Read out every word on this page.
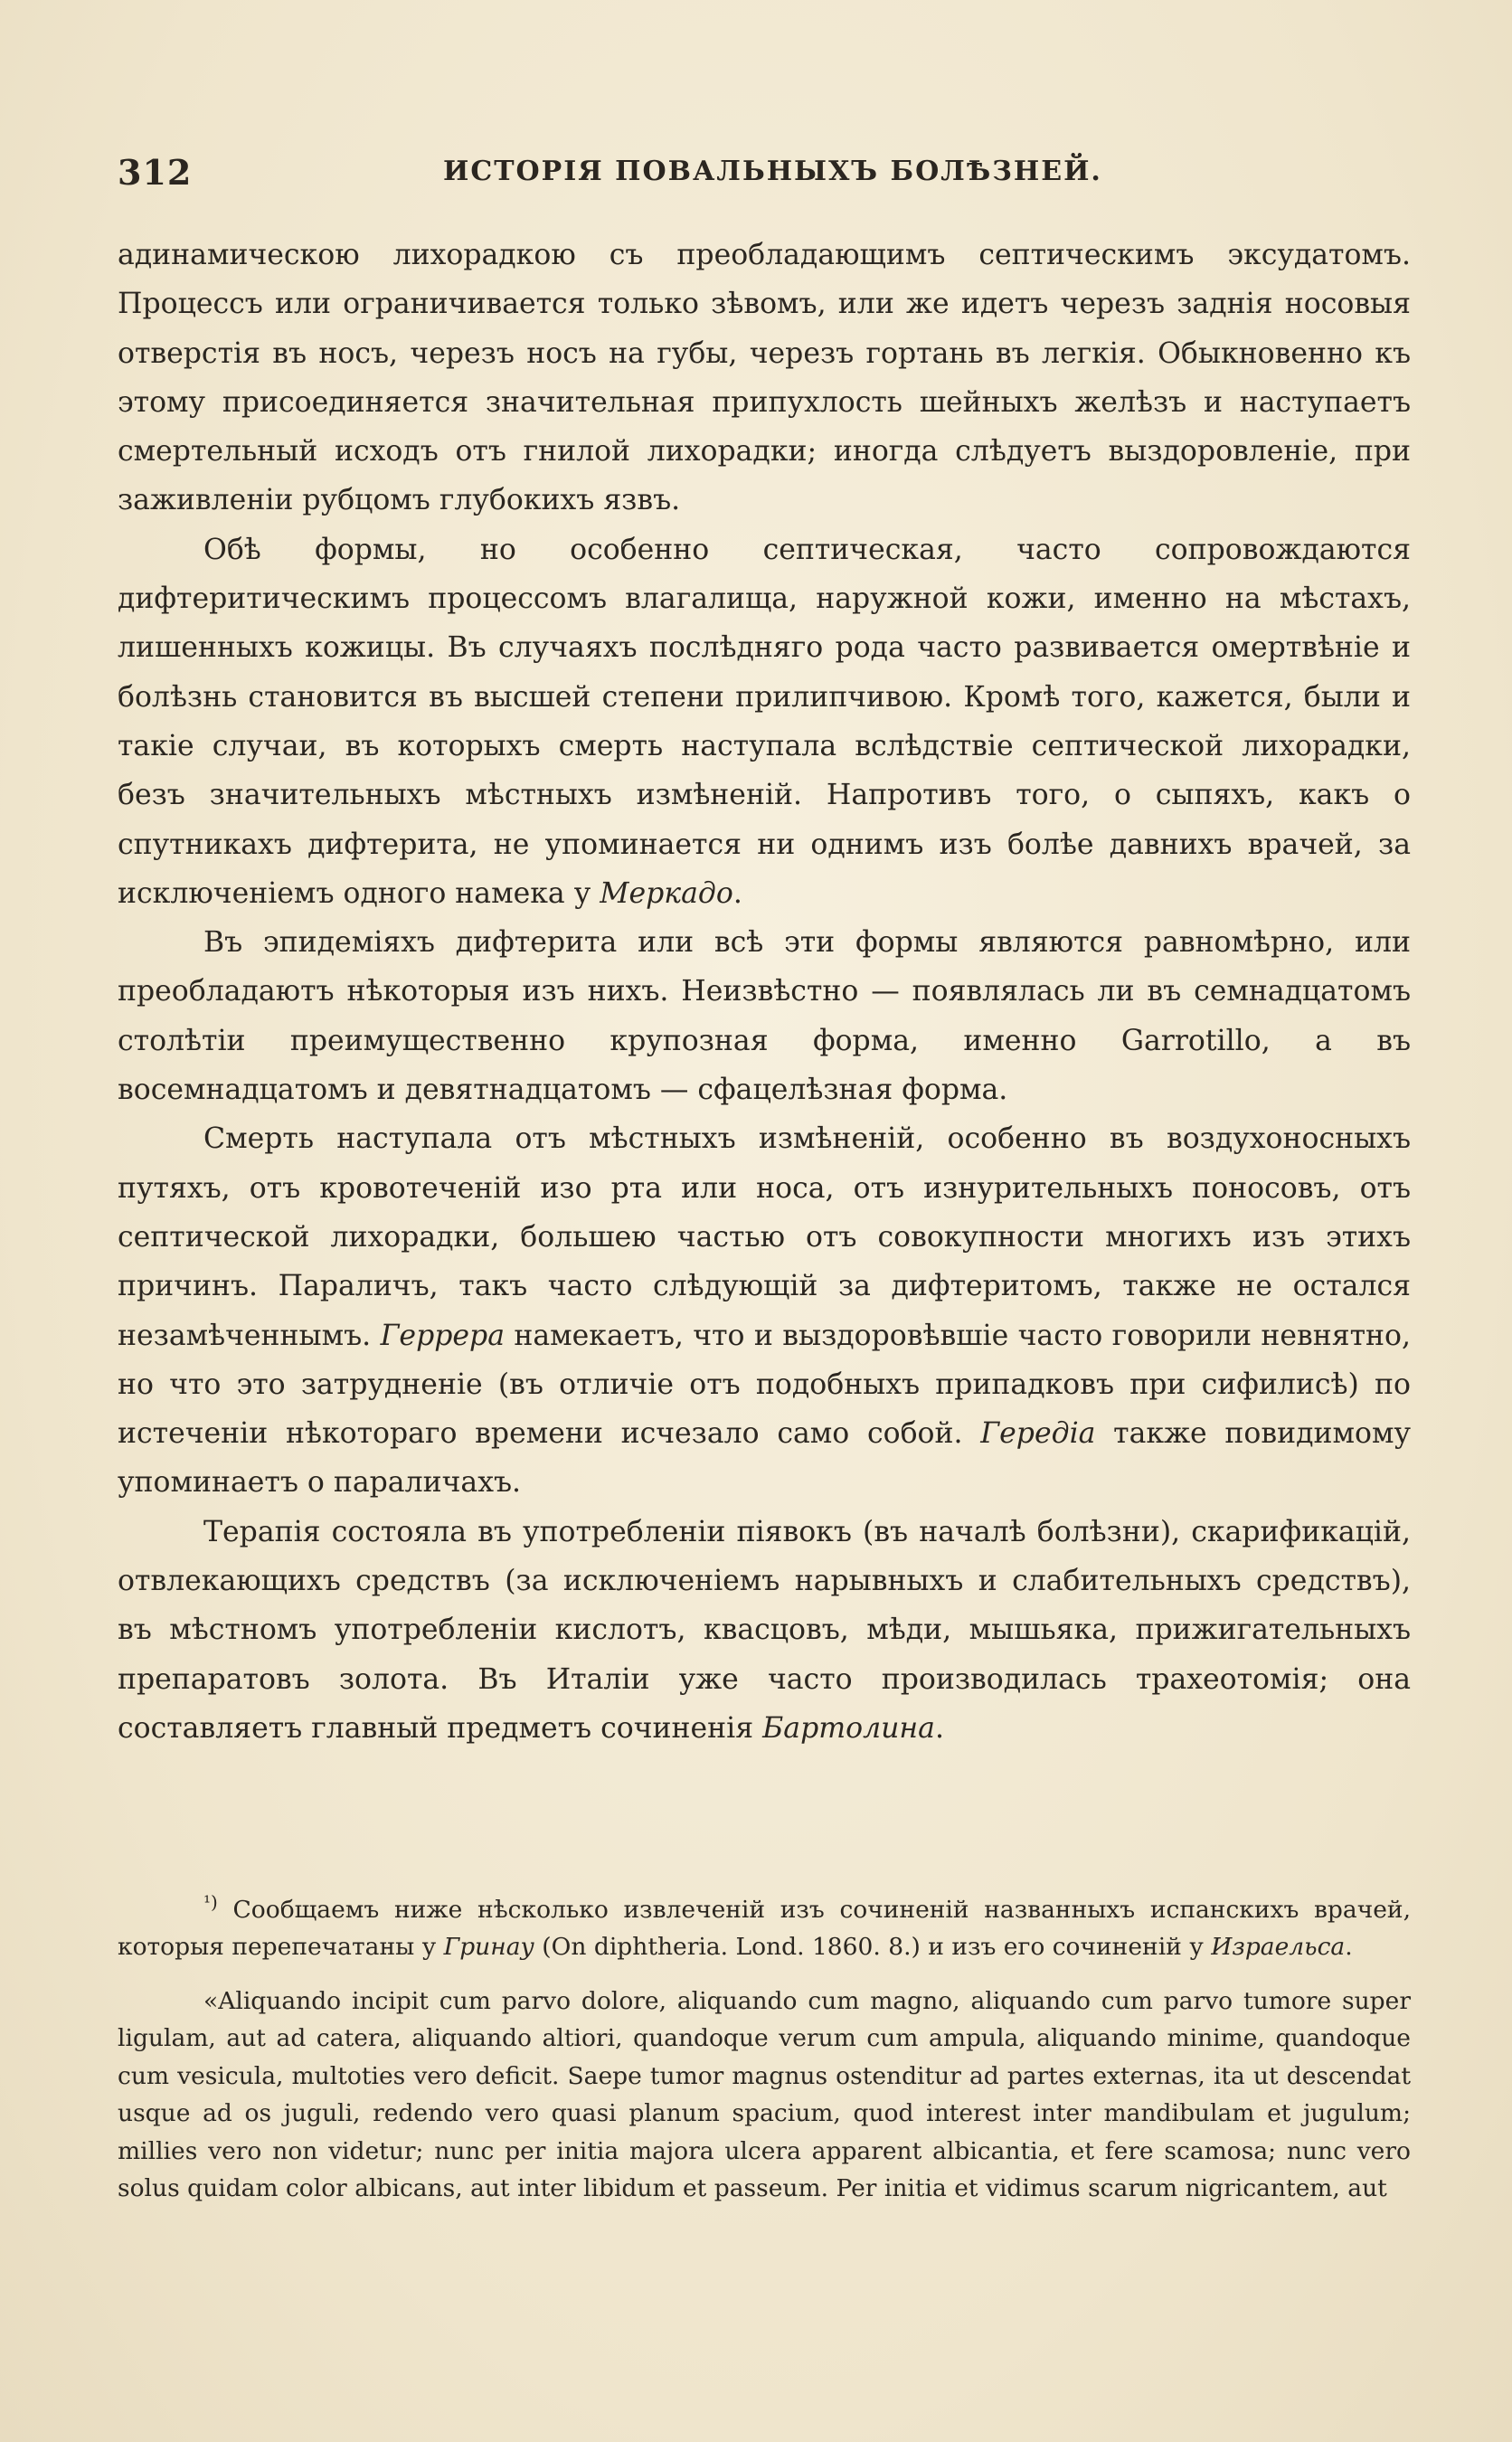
312	ИСТОРІЯ ПОВАЛЬНЫХЪ БОЛѢЗНЕЙ.

адинамическою лихорадкою съ преобладающимъ септическимъ эксудатомъ. Процессъ или ограничивается только зѣвомъ, или же идетъ черезъ заднія носовыя отверстія въ носъ, черезъ носъ на губы, черезъ гортань въ легкія. Обыкновенно къ этому присоединяется значительная припухлость шейныхъ желѣзъ и наступаетъ смертельный исходъ отъ гнилой лихорадки; иногда слѣдуетъ выздоровленіе, при заживленіи рубцомъ глубокихъ язвъ.

Обѣ формы, но особенно септическая, часто сопровождаются дифтеритическимъ процессомъ влагалища, наружной кожи, именно на мѣстахъ, лишенныхъ кожицы. Въ случаяхъ послѣдняго рода часто развивается омертвѣніе и болѣзнь становится въ высшей степени прилипчивою. Кромѣ того, кажется, были и такіе случаи, въ которыхъ смерть наступала вслѣдствіе септической лихорадки, безъ значительныхъ мѣстныхъ измѣненій. Напротивъ того, о сыпяхъ, какъ о спутникахъ дифтерита, не упоминается ни однимъ изъ болѣе давнихъ врачей, за исключеніемъ одного намека у Меркадо.

Въ эпидеміяхъ дифтерита или всѣ эти формы являются равномѣрно, или преобладаютъ нѣкоторыя изъ нихъ. Неизвѣстно — появлялась ли въ семнадцатомъ столѣтіи преимущественно крупозная форма, именно Garrotillo, а въ восемнадцатомъ и девятнадцатомъ — сфацелѣзная форма.

Смерть наступала отъ мѣстныхъ измѣненій, особенно въ воздухоносныхъ путяхъ, отъ кровотеченій изо рта или носа, отъ изнурительныхъ поносовъ, отъ септической лихорадки, большею частью отъ совокупности многихъ изъ этихъ причинъ. Параличъ, такъ часто слѣдующій за дифтеритомъ, также не остался незамѣченнымъ. Геррера намекаетъ, что и выздоровѣвшіе часто говорили невнятно, но что это затрудненіе (въ отличіе отъ подобныхъ припадковъ при сифилисѣ) по истеченіи нѣкотораго времени исчезало само собой. Гередіа также повидимому упоминаетъ о параличахъ.

Терапія состояла въ употребленіи піявокъ (въ началѣ болѣзни), скарификацій, отвлекающихъ средствъ (за исключеніемъ нарывныхъ и слабительныхъ средствъ), въ мѣстномъ употребленіи кислотъ, квасцовъ, мѣди, мышьяка, прижигательныхъ препаратовъ золота. Въ Италіи уже часто производилась трахеотомія; она составляетъ главный предметъ сочиненія Бартолина.

$^{^1)}$ Сообщаемъ ниже нѣсколько извлеченій изъ сочиненій названныхъ испанскихъ врачей, которыя перепечатаны у Гринау (On diphtheria. Lond. 1860. 8.) и изъ его сочиненій у Израельса.

«Aliquando incipit cum parvo dolore, aliquando cum magno, aliquando cum parvo tumore super ligulam, aut ad catera, aliquando altiori, quandoque verum cum ampula, aliquando minime, quandoque cum vesicula, multoties vero deficit. Saepe tumor magnus ostenditur ad partes externas, ita ut descendat usque ad os juguli, redendo vero quasi planum spacium, quod interest inter mandibulam et jugulum; millies vero non videtur; nunc per initia majora ulcera apparent albicantia, et fere scamosa; nunc vero solus quidam color albicans, aut inter libidum et passeum. Per initia et vidimus scarum nigricantem, aut
